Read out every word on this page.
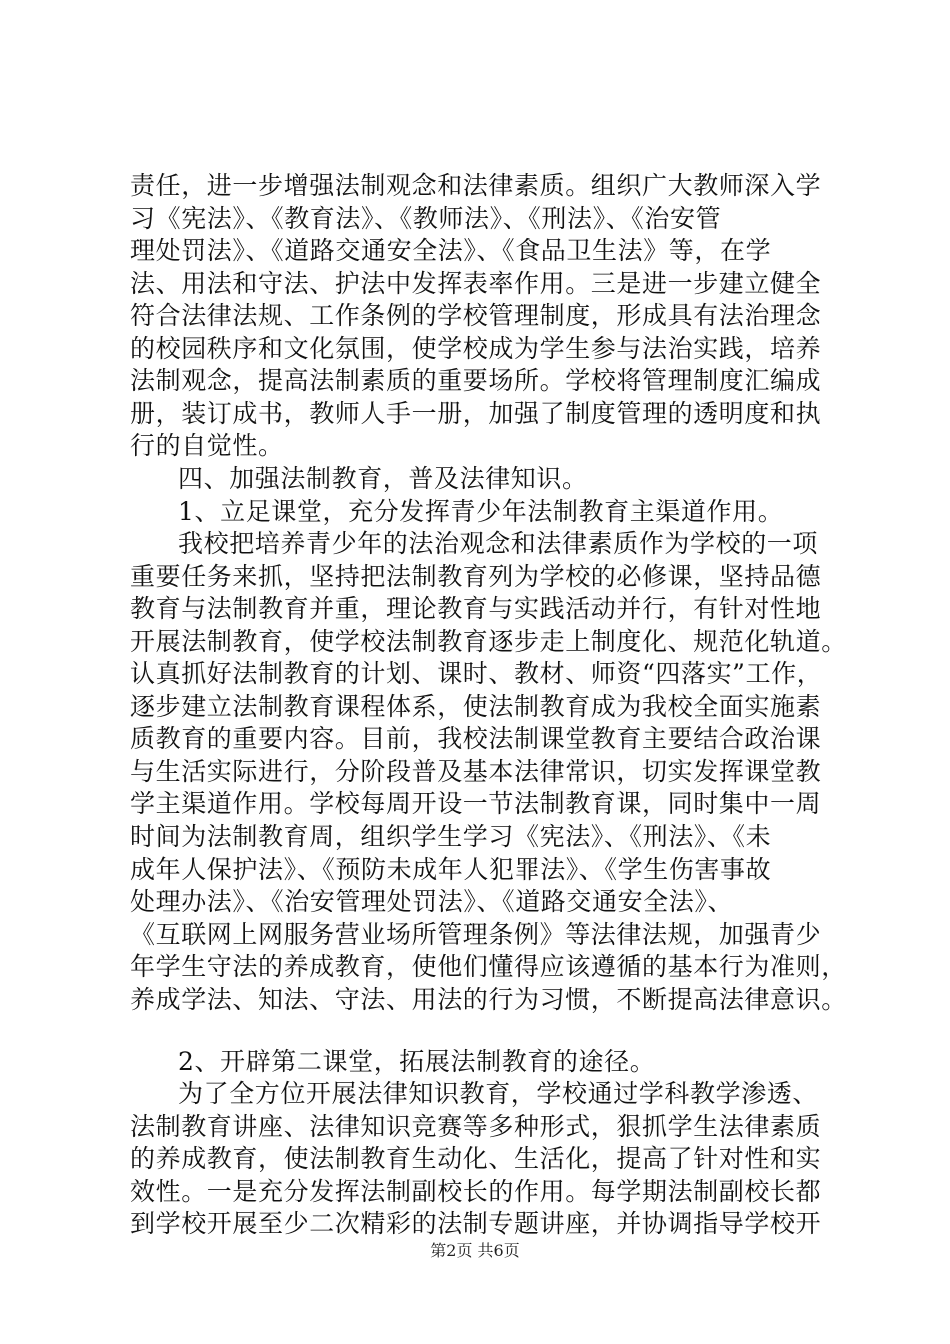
责任，进一步增强法制观念和法律素质。组织广大教师深入学
习《宪法》、《教育法》、《教师法》、《刑法》、《治安管
理处罚法》、《道路交通安全法》、《食品卫生法》等，在学
法、用法和守法、护法中发挥表率作用。三是进一步建立健全
符合法律法规、工作条例的学校管理制度，形成具有法治理念
的校园秩序和文化氛围，使学校成为学生参与法治实践，培养
法制观念，提高法制素质的重要场所。学校将管理制度汇编成
册，装订成书，教师人手一册，加强了制度管理的透明度和执
行的自觉性。
四、加强法制教育，普及法律知识。
1、立足课堂，充分发挥青少年法制教育主渠道作用。
我校把培养青少年的法治观念和法律素质作为学校的一项
重要任务来抓，坚持把法制教育列为学校的必修课，坚持品德
教育与法制教育并重，理论教育与实践活动并行，有针对性地
开展法制教育，使学校法制教育逐步走上制度化、规范化轨道。
认真抓好法制教育的计划、课时、教材、师资“四落实”工作，
逐步建立法制教育课程体系，使法制教育成为我校全面实施素
质教育的重要内容。目前，我校法制课堂教育主要结合政治课
与生活实际进行，分阶段普及基本法律常识，切实发挥课堂教
学主渠道作用。学校每周开设一节法制教育课，同时集中一周
时间为法制教育周，组织学生学习《宪法》、《刑法》、《未
成年人保护法》、《预防未成年人犯罪法》、《学生伤害事故
处理办法》、《治安管理处罚法》、《道路交通安全法》、
《互联网上网服务营业场所管理条例》等法律法规，加强青少
年学生守法的养成教育，使他们懂得应该遵循的基本行为准则，
养成学法、知法、守法、用法的行为习惯，不断提高法律意识。
2、开辟第二课堂，拓展法制教育的途径。
为了全方位开展法律知识教育，学校通过学科教学渗透、
法制教育讲座、法律知识竞赛等多种形式，狠抓学生法律素质
的养成教育，使法制教育生动化、生活化，提高了针对性和实
效性。一是充分发挥法制副校长的作用。每学期法制副校长都
到学校开展至少二次精彩的法制专题讲座，并协调指导学校开
第2页 共6页
